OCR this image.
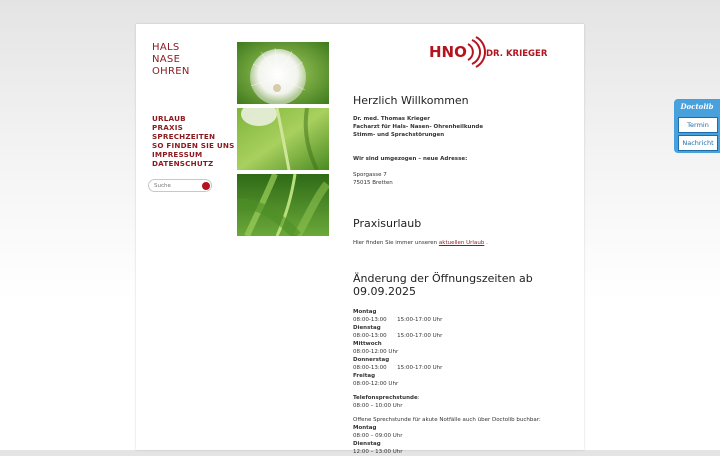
HALS
NASE
OHREN
URLAUB
PRAXIS
SPRECHZEITEN
SO FINDEN SIE UNS
IMPRESSUM
DATENSCHUTZ
Suche
HNO DR. KRIEGER
Herzlich Willkommen
Dr. med. Thomas Krieger
Facharzt für Hals- Nasen- Ohrenheilkunde
Stimm- und Sprachstörungen
Wir sind umgezogen – neue Adresse:
Sporgasse 7
75015 Bretten
Praxisurlaub
Hier finden Sie immer unseren aktuellen Urlaub .
Änderung der Öffnungszeiten ab 09.09.2025
Montag
08:00-13:00      15:00-17:00 Uhr
Dienstag
08:00-13:00      15:00-17:00 Uhr
Mittwoch
08:00-12:00 Uhr
Donnerstag
08:00-13:00      15:00-17:00 Uhr
Freitag
08:00-12:00 Uhr
Telefonsprechstunde:
08:00 – 10:00 Uhr
Offene Sprechstunde für akute Notfälle auch über Doctolib buchbar:
Montag
08:00 – 09:00 Uhr
Dienstag
12:00 – 13:00 Uhr
Doctolib
Termin
Nachricht
